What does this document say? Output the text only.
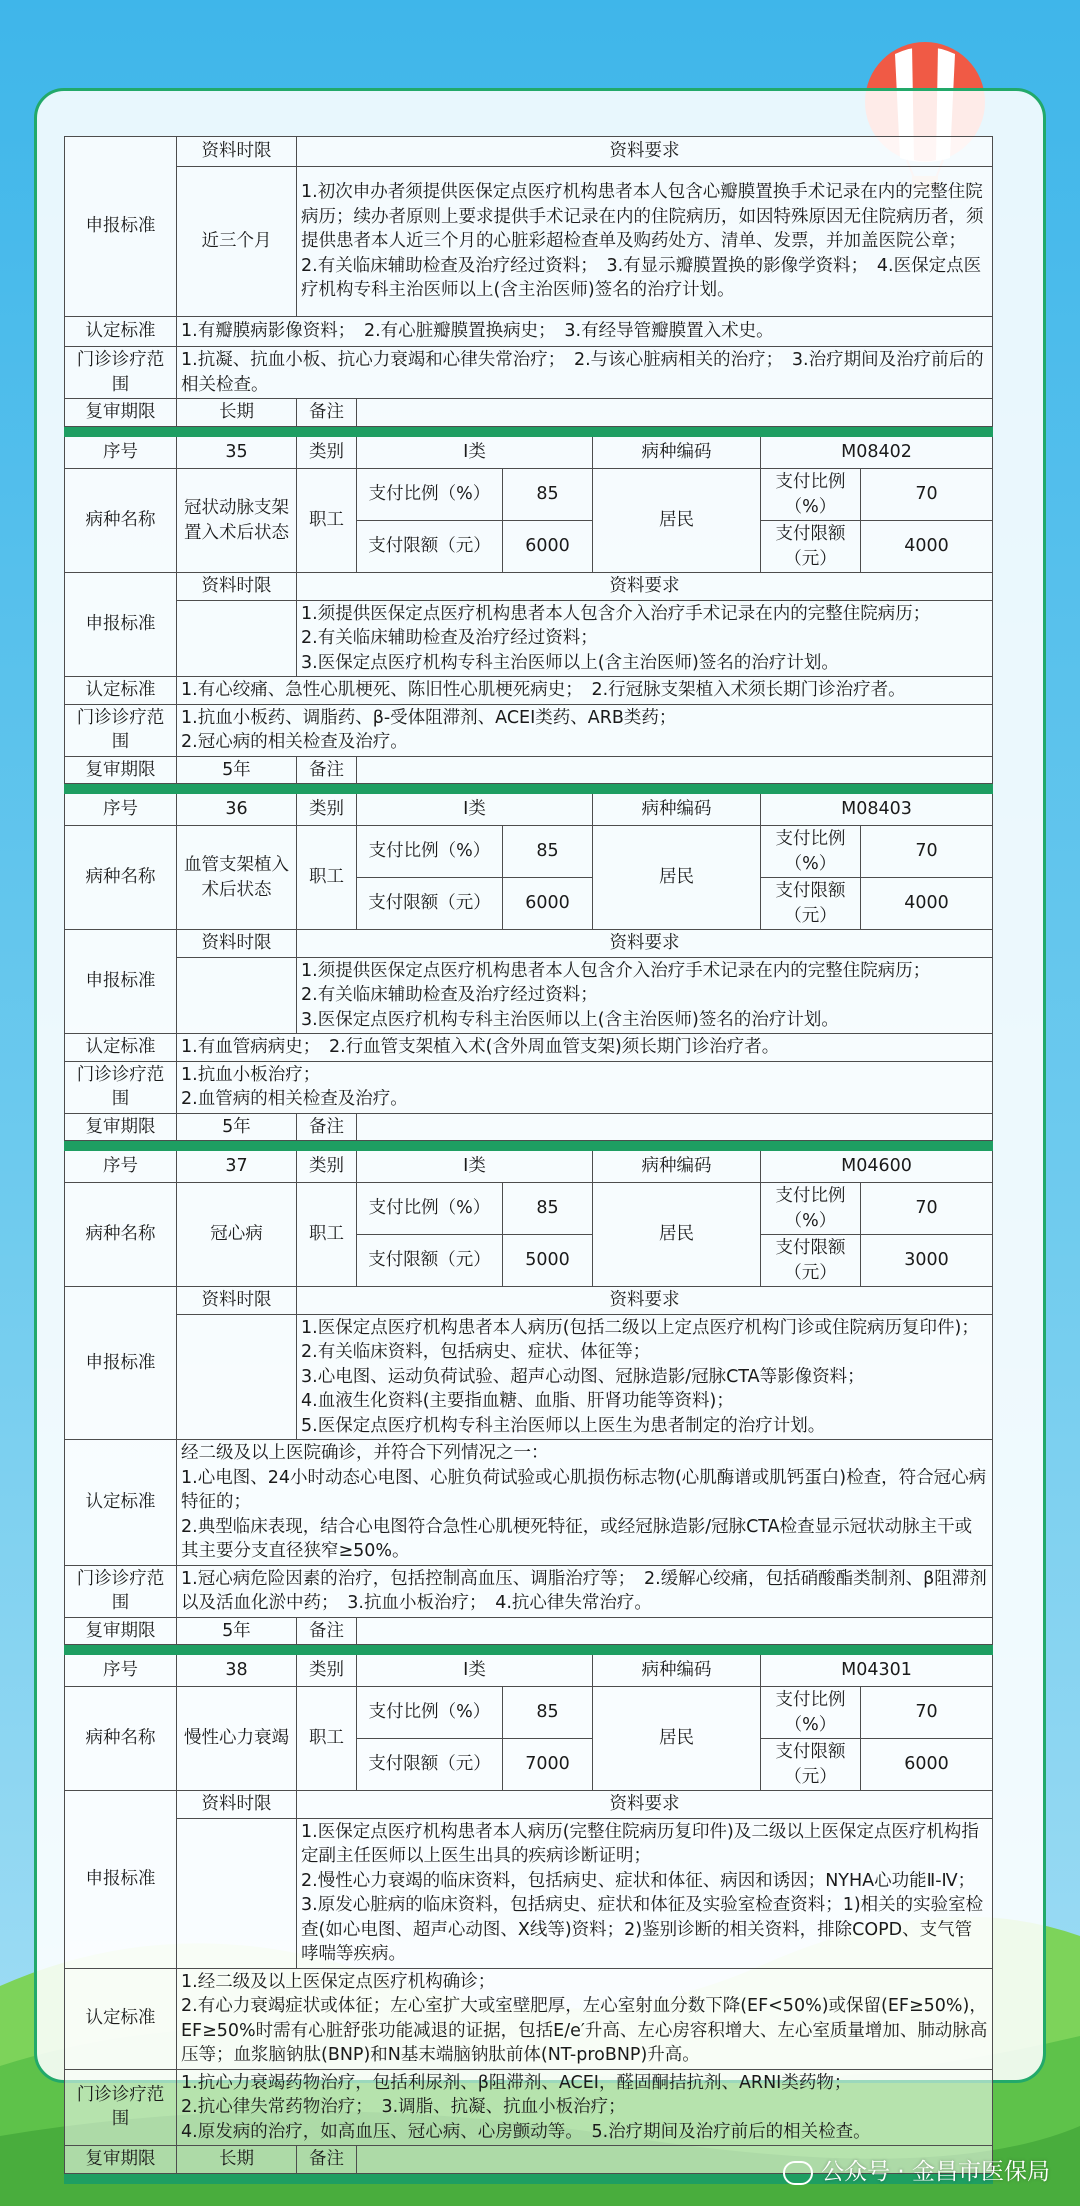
申报标准	资料时限	资料要求					
	近三个月	1.初次申办者须提供医保定点医疗机构患者本人包含心瓣膜置换手术记录在内的完整住院病历；续办者原则上要求提供手术记录在内的住院病历，如因特殊原因无住院病历者，须提供患者本人近三个月的心脏彩超检查单及购药处方、清单、发票，并加盖医院公章；　2.有关临床辅助检查及治疗经过资料；　3.有显示瓣膜置换的影像学资料；　4.医保定点医疗机构专科主治医师以上(含主治医师)签名的治疗计划。					

认定标准	1.有瓣膜病影像资料；　2.有心脏瓣膜置换病史；　3.有经导管瓣膜置入术史。						

门诊诊疗范围	1.抗凝、抗血小板、抗心力衰竭和心律失常治疗；　2.与该心脏病相关的治疗；　3.治疗期间及治疗前后的相关检查。						

复审期限	长期	备注					

序号	35	类别	Ⅰ类		病种编码	M08402	
病种名称	冠状动脉支架置入术后状态	职工	支付比例（%）	85	居民	支付比例（%）	70
			支付限额（元）	6000		支付限额（元）	4000
申报标准	资料时限	资料要求					

		1.须提供医保定点医疗机构患者本人包含介入治疗手术记录在内的完整住院病历；
2.有关临床辅助检查及治疗经过资料；
3.医保定点医疗机构专科主治医师以上(含主治医师)签名的治疗计划。					

认定标准	1.有心绞痛、急性心肌梗死、陈旧性心肌梗死病史；　2.行冠脉支架植入术须长期门诊治疗者。						

门诊诊疗范围	1.抗血小板药、调脂药、β-受体阻滞剂、ACEI类药、ARB类药；
2.冠心病的相关检查及治疗。						

复审期限	5年	备注					

序号	36	类别	Ⅰ类		病种编码	M08403	
病种名称	血管支架植入术后状态	职工	支付比例（%）	85	居民	支付比例（%）	70
			支付限额（元）	6000		支付限额（元）	4000
申报标准	资料时限	资料要求					

		1.须提供医保定点医疗机构患者本人包含介入治疗手术记录在内的完整住院病历；
2.有关临床辅助检查及治疗经过资料；
3.医保定点医疗机构专科主治医师以上(含主治医师)签名的治疗计划。					

认定标准	1.有血管病病史；　2.行血管支架植入术(含外周血管支架)须长期门诊治疗者。						

门诊诊疗范围	1.抗血小板治疗；
2.血管病的相关检查及治疗。						

复审期限	5年	备注					

序号	37	类别	Ⅰ类		病种编码	M04600	
病种名称	冠心病	职工	支付比例（%）	85	居民	支付比例（%）	70
			支付限额（元）	5000		支付限额（元）	3000
申报标准	资料时限	资料要求					

		1.医保定点医疗机构患者本人病历(包括二级以上定点医疗机构门诊或住院病历复印件)；
2.有关临床资料，包括病史、症状、体征等；
3.心电图、运动负荷试验、超声心动图、冠脉造影/冠脉CTA等影像资料；
4.血液生化资料(主要指血糖、血脂、肝肾功能等资料)；
5.医保定点医疗机构专科主治医师以上医生为患者制定的治疗计划。					

认定标准	经二级及以上医院确诊，并符合下列情况之一：
1.心电图、24小时动态心电图、心脏负荷试验或心肌损伤标志物(心肌酶谱或肌钙蛋白)检查，符合冠心病特征的；
2.典型临床表现，结合心电图符合急性心肌梗死特征，或经冠脉造影/冠脉CTA检查显示冠状动脉主干或其主要分支直径狭窄≥50%。						

门诊诊疗范围	1.冠心病危险因素的治疗，包括控制高血压、调脂治疗等；　2.缓解心绞痛，包括硝酸酯类制剂、β阻滞剂以及活血化淤中药；　3.抗血小板治疗；　4.抗心律失常治疗。						

复审期限	5年	备注					

序号	38	类别	Ⅰ类		病种编码	M04301	
病种名称	慢性心力衰竭	职工	支付比例（%）	85	居民	支付比例（%）	70
			支付限额（元）	7000		支付限额（元）	6000
申报标准	资料时限	资料要求					

		1.医保定点医疗机构患者本人病历(完整住院病历复印件)及二级以上医保定点医疗机构指定副主任医师以上医生出具的疾病诊断证明；
2.慢性心力衰竭的临床资料，包括病史、症状和体征、病因和诱因；NYHA心功能Ⅱ-Ⅳ；
3.原发心脏病的临床资料，包括病史、症状和体征及实验室检查资料；1)相关的实验室检查(如心电图、超声心动图、X线等)资料；2)鉴别诊断的相关资料，排除COPD、支气管哮喘等疾病。					

认定标准	1.经二级及以上医保定点医疗机构确诊；
2.有心力衰竭症状或体征；左心室扩大或室壁肥厚，左心室射血分数下降(EF<50%)或保留(EF≥50%)，EF≥50%时需有心脏舒张功能减退的证据，包括E/e′升高、左心房容积增大、左心室质量增加、肺动脉高压等；血浆脑钠肽(BNP)和N基末端脑钠肽前体(NT-proBNP)升高。						

门诊诊疗范围	1.抗心力衰竭药物治疗，包括利尿剂、β阻滞剂、ACEI，醛固酮拮抗剂、ARNI类药物；
2.抗心律失常药物治疗；　3.调脂、抗凝、抗血小板治疗；
4.原发病的治疗，如高血压、冠心病、心房颤动等。　5.治疗期间及治疗前后的相关检查。						

复审期限	长期	备注						公众号 · 金昌市医保局
